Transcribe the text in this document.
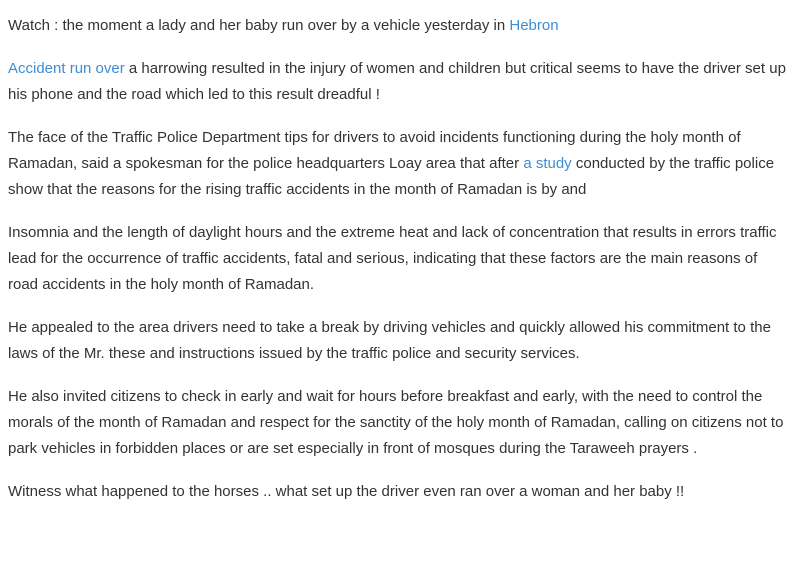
Watch : the moment a lady and her baby run over by a vehicle yesterday in Hebron

Accident run over a harrowing resulted in the injury of women and children but critical seems to have the driver set up his phone and the road which led to this result dreadful !

The face of the Traffic Police Department tips for drivers to avoid incidents functioning during the holy month of Ramadan, said a spokesman for the police headquarters Loay area that after a study conducted by the traffic police show that the reasons for the rising traffic accidents in the month of Ramadan is by and

Insomnia and the length of daylight hours and the extreme heat and lack of concentration that results in errors traffic lead for the occurrence of traffic accidents, fatal and serious, indicating that these factors are the main reasons of road accidents in the holy month of Ramadan.

He appealed to the area drivers need to take a break by driving vehicles and quickly allowed his commitment to the laws of the Mr. these and instructions issued by the traffic police and security services.

He also invited citizens to check in early and wait for hours before breakfast and early, with the need to control the morals of the month of Ramadan and respect for the sanctity of the holy month of Ramadan, calling on citizens not to park vehicles in forbidden places or are set especially in front of mosques during the Taraweeh prayers .

Witness what happened to the horses .. what set up the driver even ran over a woman and her baby !!
